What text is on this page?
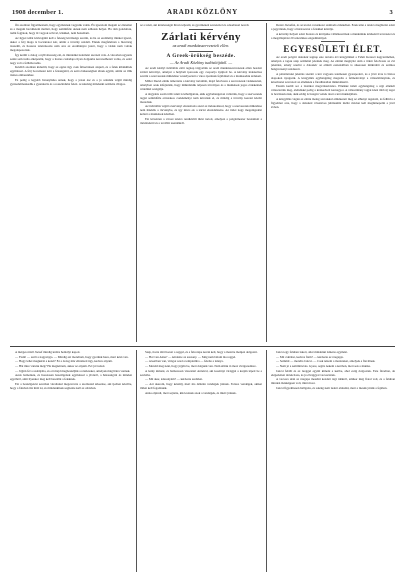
1908 december 1.	ARADI KÖZLÖNY	3

Ön azonban figyelmeztem, hogy egymásnak vagyunk valók. Én igazolom magam az életemet és a magam becsületem mellett, hogy semmiféle oknak nem adhatok helyet. Ha rám gondoltok, tudni fogjátok, hogy itt vagyok szívvel, lélekkel, nem hazudtam.

Az ügyet tehát kivizsgálni kell a feleség kívánsága szerint, és ha az eredmény minket igazol, akkor a férj maga is bocsánatot kér, amint a törvény rendeli. Ennek megfelelően a bizottság összeült, és hosszas tanácskozás után arra az eredményre jutott, hogy a vádak nem voltak megalapozottak.

Így került a dolog a nyilvánosság elé, és mindenki tudomást szerzett róla. A városban ugyanis senki sem tudta elképzelni, hogy a tisztes családapa ilyen dolgokba keveredhetett volna, és ezért nagy volt a felháborodás.

Később azonban kiderült, hogy az egész ügy csak félreértésen alapult, és a felek kibékültek egymással. A férj bocsánatot kért a feleségétől, és azóta békességben élnek együtt, amint az illik tisztes emberekhez.

Ez pedig a legjobb bizonyítéka annak, hogy a józan ész és a jó szándék végül mindig győzedelmeskedik a gyanakvás és a rosszindulat felett. A tanulság mindenki számára világos.

az a tanár, aki kötelességét híven teljesíti, és gyermekeit szeretettel és odaadással neveli.

Zárlati kérvény
az aradi munkásszervezetek ellen.
A Greek-örökség beszéde.
— Az Aradi Közlöny tudósítójától. —

Az aradi királyi ítélőtábla előtt tegnap tárgyalták az aradi munkásszervezetek ellen beadott zárlati kérvényt, amelyet a helybeli iparosok egy csoportja nyújtott be. A kérvény indokolása szerint a szervezetek működése veszélyezteti a város iparának fejlődését és a munkaadók érdekeit.

Miller Dezső elnök ismertette a kérvény tartalmát, majd felolvasta a szervezetek védekezését, amelyben azok kifejtették, hogy működésük teljesen törvényes és a munkások jogos érdekeinek védelmét szolgálja.

A tárgyalás során több tanút is kihallgattak, akik egybehangzóan vallották, hogy a szervezetek tagjai semmiféle erőszakos cselekményt nem követtek el, és mindig a törvény keretei között maradtak.

Az ítélőtábla végül a kérvényt elutasította azzal az indokolással, hogy a szervezetek működése nem ütközik a törvénybe, és így nincs ok a zárlat elrendelésére. Az ítélet nagy megelégedést keltett a munkások körében.

Ezt követően a városi tanács rendkívüli ülést tartott, amelyen a polgármester beszámolt a történtekről és a további teendőkről.

Dezső Józsefné, és az utolsó vonatkozó számadó érdekében. Ezek után a tanács megbízást adott a jegyzőnek, hogy a határozatot a felekkel közölje.

A kérvény helyett adott Kolozs és környéke vállalkozóinak a munkáinak értékeiről tervezetet és a megállapítást 20 százalékos engedménnyel.

EGYESÜLETI ÉLET.

Az aradi polgári daloskör tegnap este tartotta évi közgyűlését a Fehér Kereszt nagytermében, amelyen a tagok szép számmal jelentek meg. Az elnöki megnyitó után a titkár felolvasta az évi jelentést, amely szerint a daloskör az elmúlt esztendőben is sikeresen működött és számos hangversenyt rendezett.

A pénztárnoki jelentés szerint a kör vagyona tetemesen gyarapodott, és a jövő évre is biztos alapokon nyugszik. A közgyűlés egyhangúlag megadta a felmentvényt a választmánynak, és köszönetet szavazott az elnöknek a fáradhatatlan működéséért.

Ezután került sor a tisztikar megválasztására. Elnökké ismét egyhangúlag a régi elnököt választották meg, alelnökké pedig a közkedvelt karnagyot. A választmány tagjai közé több új tagot is beválasztottak, akik eddig is buzgón vettek részt a kör munkájában.

A közgyűlés végén az elnök meleg szavakkal emlékezett meg az elhunyt tagokról, és felhívta a figyelmet arra, hogy a daloskör ötvenéves jubileumát méltó módon kell megünnepelni a jövő évben.

A mérges nőtől József mindig ködös homályt kapott.

— Fiam! — szólt a nagyanyja. — Mindig azt mondtam, hogy gyerünk haza, mert késő van.

— Hogy lehet megkérni a kezét? Ez a dolog már elintézett ügy, kedves anyám.

— Hát mire várunk még? Ha megkértem, akkor az enyém. Ezt jól tudod.

— Jöjjön fel a szobájába, és ott majd megbeszéljük a részleteket, amelyek még hátra vannak.

Azok bementek, és hosszasan beszélgettek egymással a jövőről, a házasságról és minden egyébről, amit ilyenkor meg kell beszélni a feleknek.

Ezt a beszélgetést azonban váratlanul megzavarta a szomszéd érkezése, aki ijedten közölte, hogy a faluban tűz ütött ki, és mindenkinek segítenie kell az oltásban.

Szép, tiszta időt hozott a reggel, és a falu népe korán kelt, hogy a mezőre menjen dolgozni.

— Hol van Anna? — kérdezte az asszony. — Még nem láttam ma reggel.

— A kertben van, virágot szed a templomba — felelte a leánya.

— Mondd meg neki, hogy jöjjön be, mert dolgunk van. Nem érünk rá most virágszedésre.

A leány kiment, és hamarosan visszatért Annával, aki kosárnyi virággal a karján lépett be a szobába.

— Mit akar, édesanyám? — kérdezte szelíden.

— Azt akarom, hogy készülj, mert ma délután vendégek jönnek. Fontos vendégek, akiket illően kell fogadnunk.

Anna elpirult, mert sejtette, kik lesznek azok a vendégek, és miért jönnek.

Jancsi egy faluban lakott, ahol mindenki ismerte egymást.

— Mit csinálsz, kedves fiam? — kérdezte az öregapja.

— Semmit — mondta Jancsi. — Csak nézem a madarakat, amelyek a fán ülnek.

— Nem jó a semmittevés. Gyere, segíts nekem a kertben, mert sok a munka.

Jancsi felállt és az öreggel együtt kiment a kertbe, ahol estig dolgoztak. Este fáradtan, de elégedetten tértek haza, és jó étvággyal vacsoráztak.

A vacsora után az öregapa mesélni kezdett régi időkről, amikor még fiatal volt, és a faluban minden másképpen volt, mint most.

Jancsi figyelmesen hallgatta, és sokáig nem tudott elaludni, mert a mesék járták a fejében.
